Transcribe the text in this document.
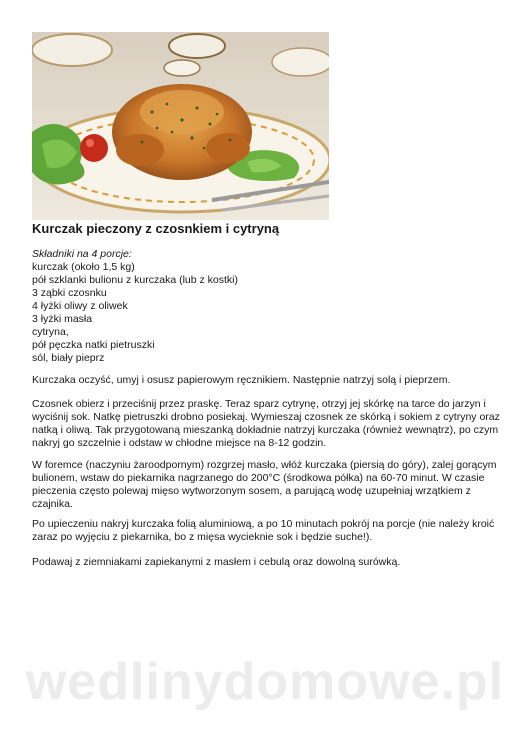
Kurczak pieczony z czosnkiem i cytryną
Składniki na 4 porcje:
kurczak (około 1,5 kg)
pół szklanki bulionu z kurczaka (lub z kostki)
3 ząbki czosnku
4 łyżki oliwy z oliwek
3 łyżki masła
cytryna,
pół pęczka natki pietruszki
sól, biały pieprz

Kurczaka oczyść, umyj i osusz papierowym ręcznikiem. Następnie natrzyj solą i pieprzem.

Czosnek obierz i przeciśnij przez praskę. Teraz sparz cytrynę, otrzyj jej skórkę na tarce do jarzyn i wyciśnij sok. Natkę pietruszki drobno posiekaj. Wymieszaj czosnek ze skórką i sokiem z cytryny oraz natką i oliwą. Tak przygotowaną mieszanką dokładnie natrzyj kurczaka (również wewnątrz), po czym nakryj go szczelnie i odstaw w chłodne miejsce na 8-12 godzin.

W foremce (naczyniu żaroodpornym) rozgrzej masło, włóż kurczaka (piersią do góry), zalej gorącym bulionem, wstaw do piekarnika nagrzanego do 200°C (środkowa półka) na 60-70 minut. W czasie pieczenia często polewaj mięso wytworzonym sosem, a parującą wodę uzupełniaj wrzątkiem z czajnika.

Po upieczeniu nakryj kurczaka folią aluminiową, a po 10 minutach pokrój na porcje (nie należy kroić zaraz po wyjęciu z piekarnika, bo z mięsa wycieknie sok i będzie suche!).

Podawaj z ziemniakami zapiekanymi z masłem i cebulą oraz dowolną surówką.

wedlinydomowe.pl
